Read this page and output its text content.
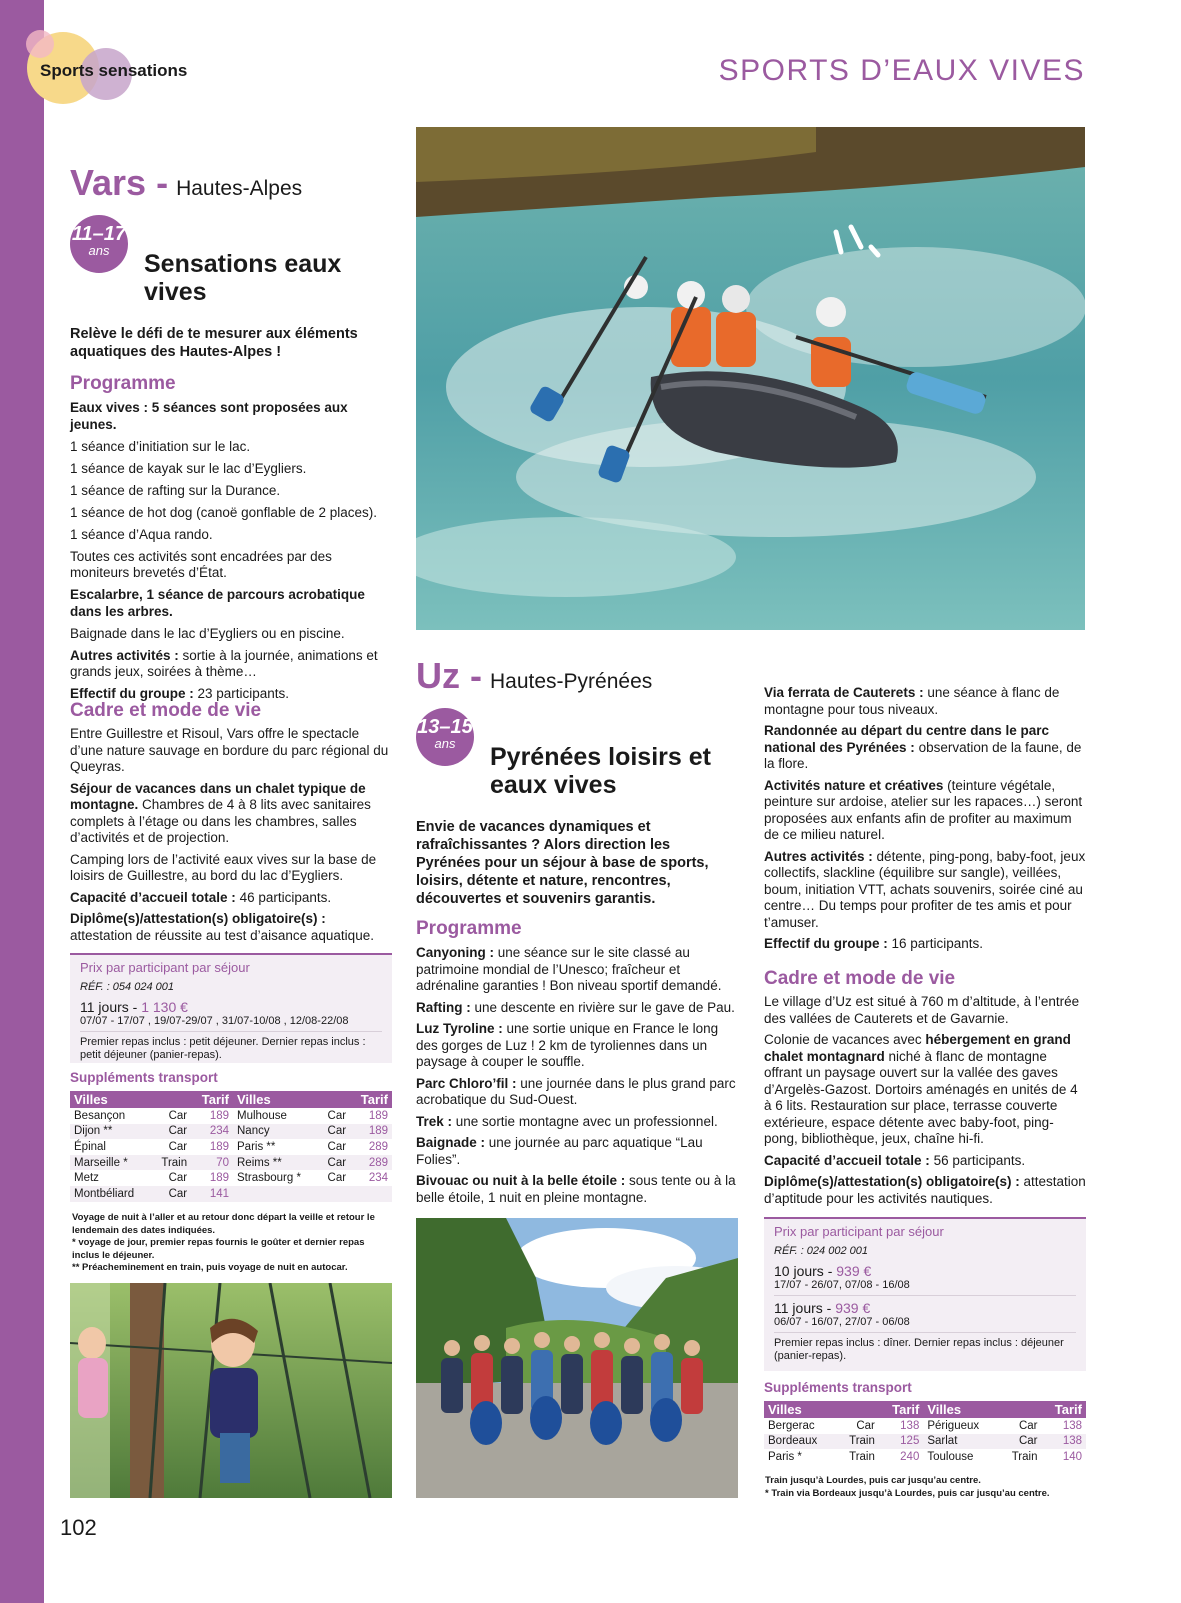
Sports sensations	SPORTS D’EAUX VIVES
Vars - Hautes-Alpes
11–17
ans	Sensations eaux vives
Relève le défi de te mesurer aux éléments aquatiques des Hautes-Alpes !
Programme
Eaux vives : 5 séances sont proposées aux jeunes.
1 séance d’initiation sur le lac.
1 séance de kayak sur le lac d’Eygliers.
1 séance de rafting sur la Durance.
1 séance de hot dog (canoë gonflable de 2 places).
1 séance d’Aqua rando.
Toutes ces activités sont encadrées par des moniteurs brevetés d’État.
Escalarbre, 1 séance de parcours acrobatique dans les arbres.
Baignade dans le lac d’Eygliers ou en piscine.
Autres activités : sortie à la journée, animations et grands jeux, soirées à thème…
Effectif du groupe : 23 participants.
Cadre et mode de vie
Entre Guillestre et Risoul, Vars offre le spectacle d’une nature sauvage en bordure du parc régional du Queyras.
Séjour de vacances dans un chalet typique de montagne. Chambres de 4 à 8 lits avec sanitaires complets à l’étage ou dans les chambres, salles d’activités et de projection.
Camping lors de l’activité eaux vives sur la base de loisirs de Guillestre, au bord du lac d’Eygliers.
Capacité d’accueil totale : 46 participants.
Diplôme(s)/attestation(s) obligatoire(s) : attestation de réussite au test d’aisance aquatique.
Prix par participant par séjour
RÉF. : 054 024 001
11 jours - 1 130 €
07/07 - 17/07 , 19/07-29/07 , 31/07-10/08 , 12/08-22/08
Premier repas inclus : petit déjeuner. Dernier repas inclus : petit déjeuner (panier-repas).
Suppléments transport
Villes		Tarif	Villes		Tarif
Besançon	Car	189	Mulhouse	Car	189
Dijon **	Car	234	Nancy	Car	189
Épinal	Car	189	Paris **	Car	289
Marseille *	Train	70	Reims **	Car	289
Metz	Car	189	Strasbourg *	Car	234
Montbéliard	Car	141			
Voyage de nuit à l’aller et au retour donc départ la veille et retour le lendemain des dates indiquées.
* voyage de jour, premier repas fournis le goûter et dernier repas inclus le déjeuner.
** Préacheminement en train, puis voyage de nuit en autocar.
Uz - Hautes-Pyrénées
13–15
ans	Pyrénées loisirs et eaux vives
Envie de vacances dynamiques et rafraîchissantes ? Alors direction les Pyrénées pour un séjour à base de sports, loisirs, détente et nature, rencontres, découvertes et souvenirs garantis.
Programme
Canyoning : une séance sur le site classé au patrimoine mondial de l’Unesco; fraîcheur et adrénaline garanties ! Bon niveau sportif demandé.
Rafting : une descente en rivière sur le gave de Pau.
Luz Tyroline : une sortie unique en France le long des gorges de Luz ! 2 km de tyroliennes dans un paysage à couper le souffle.
Parc Chloro’fil : une journée dans le plus grand parc acrobatique du Sud-Ouest.
Trek : une sortie montagne avec un professionnel.
Baignade : une journée au parc aquatique “Lau Folies”.
Bivouac ou nuit à la belle étoile : sous tente ou à la belle étoile, 1 nuit en pleine montagne.
Via ferrata de Cauterets : une séance à flanc de montagne pour tous niveaux.
Randonnée au départ du centre dans le parc national des Pyrénées : observation de la faune, de la flore.
Activités nature et créatives (teinture végétale, peinture sur ardoise, atelier sur les rapaces…) seront proposées aux enfants afin de profiter au maximum de ce milieu naturel.
Autres activités : détente, ping-pong, baby-foot, jeux collectifs, slackline (équilibre sur sangle), veillées, boum, initiation VTT, achats souvenirs, soirée ciné au centre… Du temps pour profiter de tes amis et pour t’amuser.
Effectif du groupe : 16 participants.
Cadre et mode de vie
Le village d’Uz est situé à 760 m d’altitude, à l’entrée des vallées de Cauterets et de Gavarnie.
Colonie de vacances avec hébergement en grand chalet montagnard niché à flanc de montagne offrant un paysage ouvert sur la vallée des gaves d’Argelès-Gazost. Dortoirs aménagés en unités de 4 à 6 lits. Restauration sur place, terrasse couverte extérieure, espace détente avec baby-foot, ping-pong, bibliothèque, jeux, chaîne hi-fi.
Capacité d’accueil totale : 56 participants.
Diplôme(s)/attestation(s) obligatoire(s) : attestation d’aptitude pour les activités nautiques.
Prix par participant par séjour
RÉF. : 024 002 001
10 jours - 939 €
17/07 - 26/07, 07/08 - 16/08
11 jours - 939 €
06/07 - 16/07, 27/07 - 06/08
Premier repas inclus : dîner. Dernier repas inclus : déjeuner (panier-repas).
Suppléments transport
Villes		Tarif	Villes		Tarif
Bergerac	Car	138	Périgueux	Car	138
Bordeaux	Train	125	Sarlat	Car	138
Paris *	Train	240	Toulouse	Train	140
Train jusqu’à Lourdes, puis car jusqu’au centre.
* Train via Bordeaux jusqu’à Lourdes, puis car jusqu’au centre.
102
